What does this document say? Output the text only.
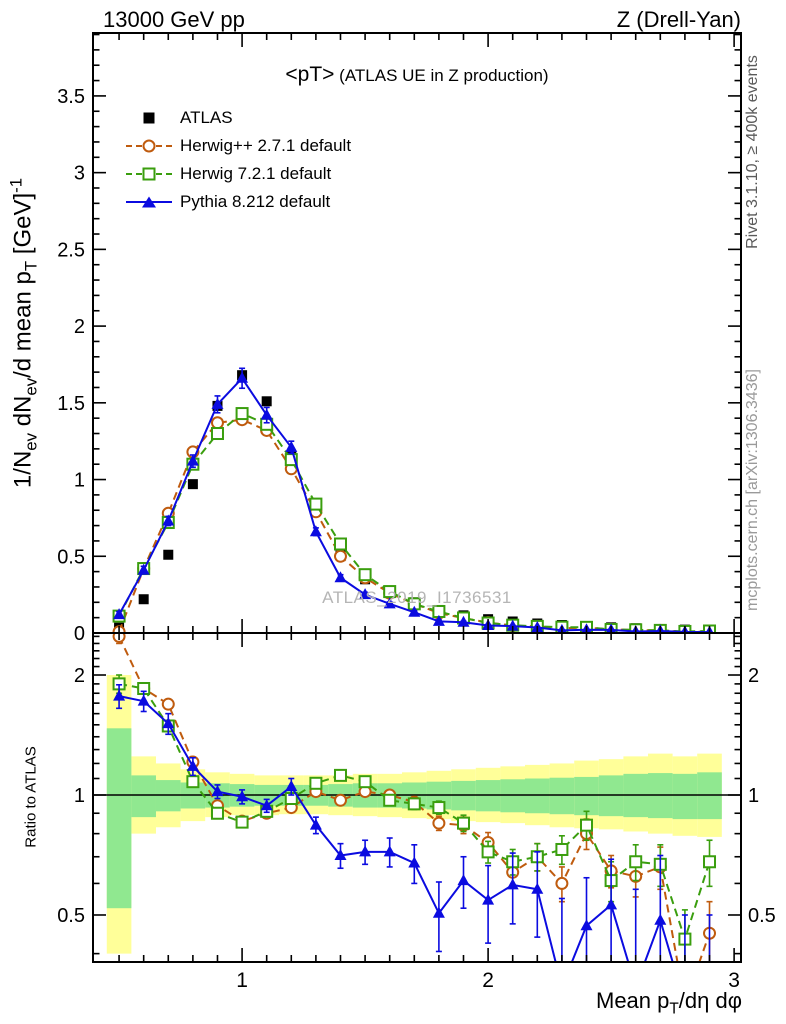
13000 GeV pp	Z (Drell-Yan)
0
0.5
1
1.5
2
2.5
3
3.5
0.5	0.5
1	1
2	2
1	2	3
<pT> (ATLAS UE in Z production)
ATLAS
Herwig++ 2.7.1 default
Herwig 7.2.1 default
Pythia 8.212 default
$1/N_{ev}$ $dN_{ev}/d$ mean $p_T$ [GeV]$^{-1}$
Ratio to ATLAS
Mean $p_T/d\eta$ dφ
ATLAS_2019_I1736531
Rivet 3.1.10, ≥ 400k events
mcplots.cern.ch [arXiv:1306.3436]
